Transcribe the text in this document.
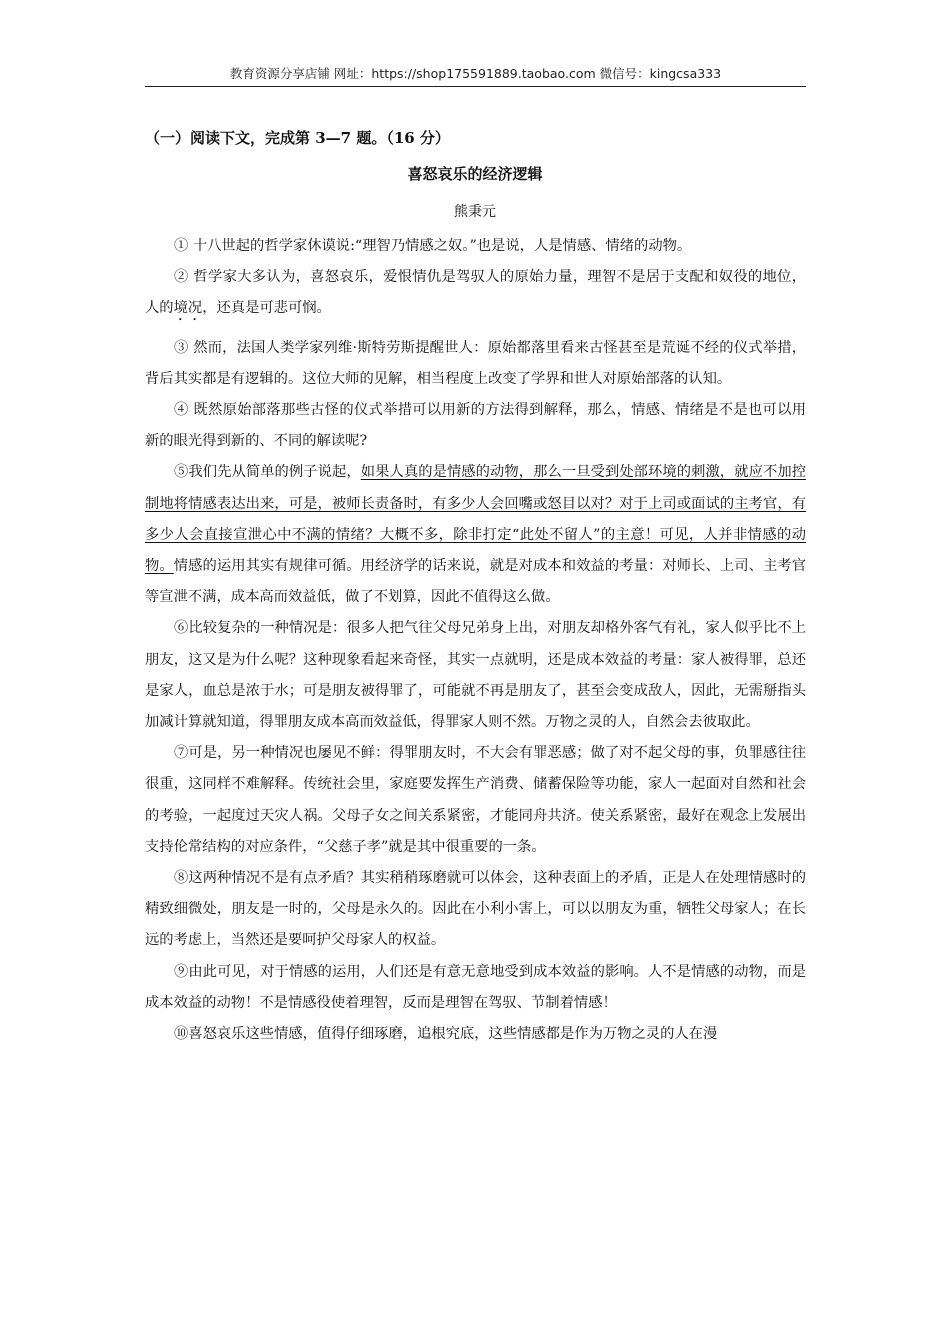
教育资源分享店铺 网址：https://shop175591889.taobao.com 微信号：kingcsa333
（一）阅读下文，完成第 3—7 题。（16 分）
喜怒哀乐的经济逻辑
熊秉元

① 十八世起的哲学家休谟说:“理智乃情感之奴。”也是说，人是情感、情绪的动物。

② 哲学家大多认为，喜怒哀乐，爱恨情仇是驾驭人的原始力量，理智不是居于支配和奴役的地位，人的境况，还真是可悲可悯。

③ 然而，法国人类学家列维·斯特劳斯提醒世人：原始都落里看来古怪甚至是荒诞不经的仪式举措，背后其实都是有逻辑的。这位大师的见解，相当程度上改变了学界和世人对原始部落的认知。

④ 既然原始部落那些古怪的仪式举措可以用新的方法得到解释，那么，情感、情绪是不是也可以用新的眼光得到新的、不同的解读呢?

⑤我们先从简单的例子说起，如果人真的是情感的动物，那么一旦受到处部环境的刺激，就应不加控制地将情感表达出来，可是，被师长责备时，有多少人会回嘴或怒目以对？对于上司或面试的主考官，有多少人会直接宣泄心中不满的情绪？大概不多，除非打定“此处不留人”的主意！可见，人并非情感的动物。情感的运用其实有规律可循。用经济学的话来说，就是对成本和效益的考量：对师长、上司、主考官等宣泄不满，成本高而效益低，做了不划算，因此不值得这么做。

⑥比较复杂的一种情况是：很多人把气往父母兄弟身上出，对朋友却格外客气有礼，家人似乎比不上朋友，这又是为什么呢？这种现象看起来奇怪，其实一点就明，还是成本效益的考量：家人被得罪，总还是家人，血总是浓于水；可是朋友被得罪了，可能就不再是朋友了，甚至会变成敌人，因此，无需掰指头加减计算就知道，得罪朋友成本高而效益低，得罪家人则不然。万物之灵的人，自然会去彼取此。

⑦可是，另一种情况也屡见不鲜：得罪朋友时，不大会有罪恶感；做了对不起父母的事，负罪感往往很重，这同样不难解释。传统社会里，家庭要发挥生产消费、储蓄保险等功能，家人一起面对自然和社会的考验，一起度过天灾人祸。父母子女之间关系紧密，才能同舟共济。使关系紧密，最好在观念上发展出支持伦常结构的对应条件，“父慈子孝”就是其中很重要的一条。

⑧这两种情况不是有点矛盾？其实稍稍琢磨就可以体会，这种表面上的矛盾，正是人在处理情感时的精致细微处，朋友是一时的，父母是永久的。因此在小利小害上，可以以朋友为重，牺牲父母家人；在长远的考虑上，当然还是要呵护父母家人的权益。

⑨由此可见，对于情感的运用，人们还是有意无意地受到成本效益的影响。人不是情感的动物，而是成本效益的动物！不是情感役使着理智，反而是理智在驾驭、节制着情感！

⑩喜怒哀乐这些情感，值得仔细琢磨，追根究底，这些情感都是作为万物之灵的人在漫
